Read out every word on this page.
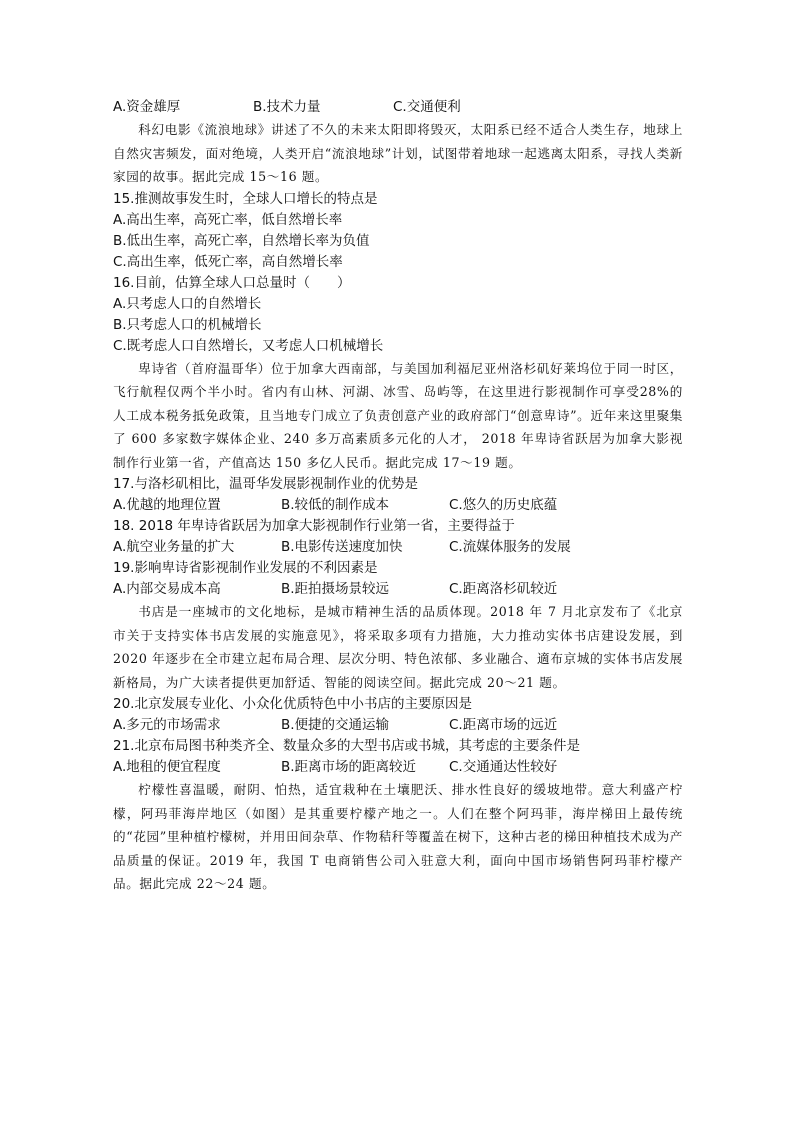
A.资金雄厚	B.技术力量	C.交通便利

科幻电影《流浪地球》讲述了不久的未来太阳即将毁灭，太阳系已经不适合人类生存，地球上自然灾害频发，面对绝境，人类开启“流浪地球”计划，试图带着地球一起逃离太阳系，寻找人类新家园的故事。据此完成 15～16 题。

15.推测故事发生时，全球人口增长的特点是
A.高出生率，高死亡率，低自然增长率
B.低出生率，高死亡率，自然增长率为负值
C.高出生率，低死亡率，高自然增长率
16.目前，估算全球人口总量时（　　）
A.只考虑人口的自然增长
B.只考虑人口的机械增长
C.既考虑人口自然增长，又考虑人口机械增长

卑诗省（首府温哥华）位于加拿大西南部，与美国加利福尼亚州洛杉矶好莱坞位于同一时区，飞行航程仅两个半小时。省内有山林、河湖、冰雪、岛屿等，在这里进行影视制作可享受28%的人工成本税务抵免政策，且当地专门成立了负责创意产业的政府部门“创意卑诗”。近年来这里聚集了 600 多家数字媒体企业、240 多万高素质多元化的人才， 2018 年卑诗省跃居为加拿大影视制作行业第一省，产值高达 150 多亿人民币。据此完成 17～19 题。

17.与洛杉矶相比，温哥华发展影视制作业的优势是
A.优越的地理位置	B.较低的制作成本	C.悠久的历史底蕴
18. 2018 年卑诗省跃居为加拿大影视制作行业第一省，主要得益于
A.航空业务量的扩大	B.电影传送速度加快	C.流媒体服务的发展
19.影响卑诗省影视制作业发展的不利因素是
A.内部交易成本高	B.距拍摄场景较远	C.距离洛杉矶较近

书店是一座城市的文化地标，是城市精神生活的品质体现。2018 年 7 月北京发布了《北京市关于支持实体书店发展的实施意见》，将采取多项有力措施，大力推动实体书店建设发展，到 2020 年逐步在全市建立起布局合理、层次分明、特色浓郁、多业融合、適布京城的实体书店发展新格局，为广大读者提供更加舒适、智能的阅读空间。据此完成 20～21 题。

20.北京发展专业化、小众化优质特色中小书店的主要原因是
A.多元的市场需求	B.便捷的交通运输	C.距离市场的远近
21.北京布局图书种类齐全、数量众多的大型书店或书城，其考虑的主要条件是
A.地租的便宜程度	B.距离市场的距离较近	C.交通通达性较好

柠檬性喜温暖，耐阴、怕热，适宜栽种在土壤肥沃、排水性良好的缓坡地带。意大利盛产柠檬，阿玛菲海岸地区（如图）是其重要柠檬产地之一。人们在整个阿玛菲，海岸梯田上最传统的“花园”里种植柠檬树，并用田间杂草、作物秸秆等覆盖在树下，这种古老的梯田种植技术成为产品质量的保证。2019 年，我国 T 电商销售公司入驻意大利，面向中国市场销售阿玛菲柠檬产品。据此完成 22～24 题。
